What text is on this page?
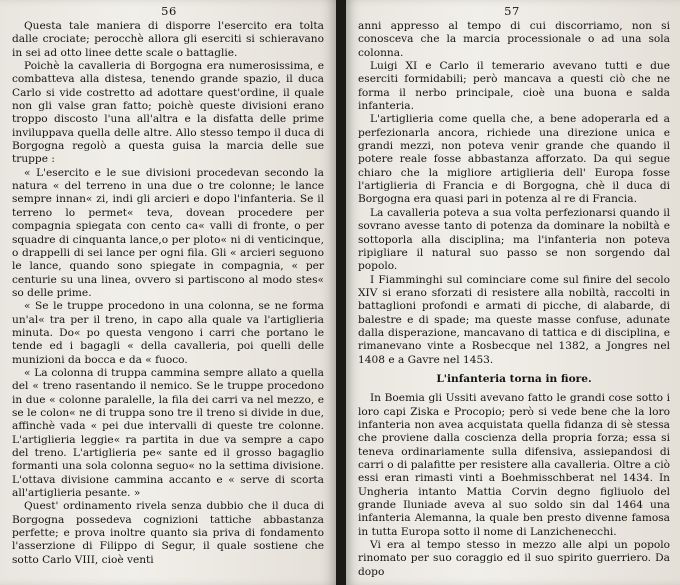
56

Questa tale maniera di disporre l'esercito era tolta dalle crociate; perocchè allora gli eserciti si schieravano in sei ad otto linee dette scale o battaglie.

Poichè la cavalleria di Borgogna era numerosissima, e combatteva alla distesa, tenendo grande spazio, il duca Carlo si vide costretto ad adottare quest'ordine, il quale non gli valse gran fatto; poichè queste divisioni erano troppo discosto l'una all'altra e la disfatta delle prime inviluppava quella delle altre. Allo stesso tempo il duca di Borgogna regolò a questa guisa la marcia delle sue truppe :

« L'esercito e le sue divisioni procedevan secondo la natura « del terreno in una due o tre colonne; le lance sempre innan« zi, indi gli arcieri e dopo l'infanteria. Se il terreno lo permet« teva, dovean procedere per compagnia spiegata con cento ca« valli di fronte, o per squadre di cinquanta lance,o per ploto« ni di venticinque, o drappelli di sei lance per ogni fila. Gli « arcieri seguono le lance, quando sono spiegate in compagnia, « per centurie su una linea, ovvero si partiscono al modo stes« so delle prime.

« Se le truppe procedono in una colonna, se ne forma un'al« tra per il treno, in capo alla quale va l'artiglieria minuta. Do« po questa vengono i carri che portano le tende ed i bagagli « della cavalleria, poi quelli delle munizioni da bocca e da « fuoco.

« La colonna di truppa cammina sempre allato a quella del « treno rasentando il nemico. Se le truppe procedono in due « colonne paralelle, la fila dei carri va nel mezzo, e se le colon« ne di truppa sono tre il treno si divide in due, affinchè vada « pei due intervalli di queste tre colonne. L'artiglieria leggie« ra partita in due va sempre a capo del treno. L'artiglieria pe« sante ed il grosso bagaglio formanti una sola colonna seguo« no la settima divisione. L'ottava divisione cammina accanto e « serve di scorta all'artiglieria pesante. »

Quest' ordinamento rivela senza dubbio che il duca di Borgogna possedeva cognizioni tattiche abbastanza perfette; e prova inoltre quanto sia priva di fondamento l'asserzione di Filippo di Segur, il quale sostiene che sotto Carlo VIII, cioè venti

57

anni appresso al tempo di cui discorriamo, non si conosceva che la marcia processionale o ad una sola colonna.

Luigi XI e Carlo il temerario avevano tutti e due eserciti formidabili; però mancava a questi ciò che ne forma il nerbo principale, cioè una buona e salda infanteria.

L'artiglieria come quella che, a bene adoperarla ed a perfezionarla ancora, richiede una direzione unica e grandi mezzi, non poteva venir grande che quando il potere reale fosse abbastanza afforzato. Da qui segue chiaro che la migliore artiglieria dell' Europa fosse l'artiglieria di Francia e di Borgogna, chè il duca di Borgogna era quasi pari in potenza al re di Francia.

La cavalleria poteva a sua volta perfezionarsi quando il sovrano avesse tanto di potenza da dominare la nobiltà e sottoporla alla disciplina; ma l'infanteria non poteva ripigliare il natural suo passo se non sorgendo dal popolo.

I Fiamminghi sul cominciare come sul finire del secolo XIV si erano sforzati di resistere alla nobiltà, raccolti in battaglioni profondi e armati di picche, di alabarde, di balestre e di spade; ma queste masse confuse, adunate dalla disperazione, mancavano di tattica e di disciplina, e rimanevano vinte a Rosbecque nel 1382, a Jongres nel 1408 e a Gavre nel 1453.

L'infanteria torna in fiore.

In Boemia gli Ussiti avevano fatto le grandi cose sotto i loro capi Ziska e Procopio; però si vede bene che la loro infanteria non avea acquistata quella fidanza di sè stessa che proviene dalla coscienza della propria forza; essa si teneva ordinariamente sulla difensiva, assiepandosi di carri o di palafitte per resistere alla cavalleria. Oltre a ciò essi eran rimasti vinti a Boehmisschberat nel 1434. In Ungheria intanto Mattia Corvin degno figliuolo del grande Iluniade aveva al suo soldo sin dal 1464 una infanteria Alemanna, la quale ben presto divenne famosa in tutta Europa sotto il nome di Lanzichenecchi.

Vi era al tempo stesso in mezzo alle alpi un popolo rinomato per suo coraggio ed il suo spirito guerriero. Da dopo
